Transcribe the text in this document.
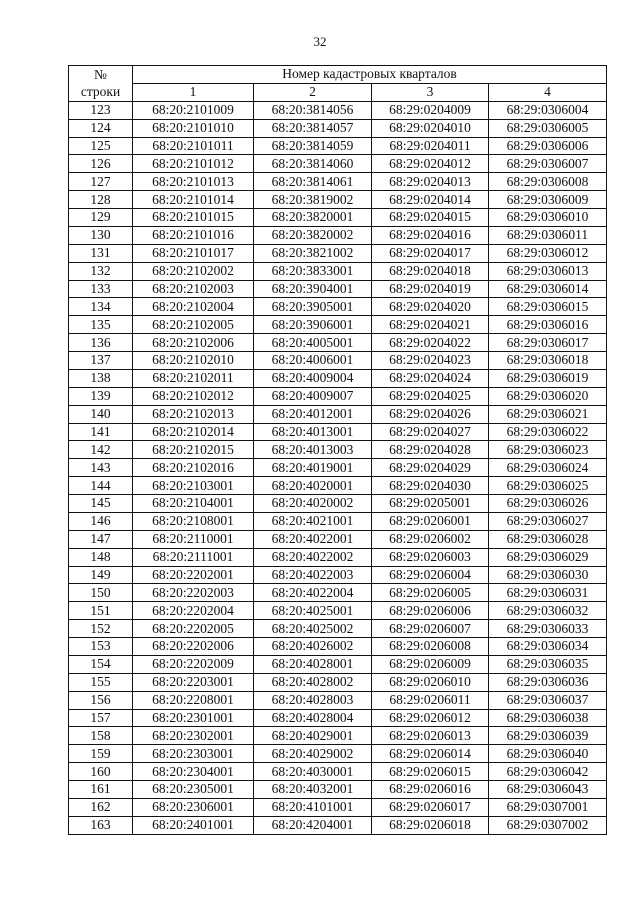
32
№	Номер кадастровых кварталов			
строки	1	2	3	4
123	68:20:2101009	68:20:3814056	68:29:0204009	68:29:0306004
124	68:20:2101010	68:20:3814057	68:29:0204010	68:29:0306005
125	68:20:2101011	68:20:3814059	68:29:0204011	68:29:0306006
126	68:20:2101012	68:20:3814060	68:29:0204012	68:29:0306007
127	68:20:2101013	68:20:3814061	68:29:0204013	68:29:0306008
128	68:20:2101014	68:20:3819002	68:29:0204014	68:29:0306009
129	68:20:2101015	68:20:3820001	68:29:0204015	68:29:0306010
130	68:20:2101016	68:20:3820002	68:29:0204016	68:29:0306011
131	68:20:2101017	68:20:3821002	68:29:0204017	68:29:0306012
132	68:20:2102002	68:20:3833001	68:29:0204018	68:29:0306013
133	68:20:2102003	68:20:3904001	68:29:0204019	68:29:0306014
134	68:20:2102004	68:20:3905001	68:29:0204020	68:29:0306015
135	68:20:2102005	68:20:3906001	68:29:0204021	68:29:0306016
136	68:20:2102006	68:20:4005001	68:29:0204022	68:29:0306017
137	68:20:2102010	68:20:4006001	68:29:0204023	68:29:0306018
138	68:20:2102011	68:20:4009004	68:29:0204024	68:29:0306019
139	68:20:2102012	68:20:4009007	68:29:0204025	68:29:0306020
140	68:20:2102013	68:20:4012001	68:29:0204026	68:29:0306021
141	68:20:2102014	68:20:4013001	68:29:0204027	68:29:0306022
142	68:20:2102015	68:20:4013003	68:29:0204028	68:29:0306023
143	68:20:2102016	68:20:4019001	68:29:0204029	68:29:0306024
144	68:20:2103001	68:20:4020001	68:29:0204030	68:29:0306025
145	68:20:2104001	68:20:4020002	68:29:0205001	68:29:0306026
146	68:20:2108001	68:20:4021001	68:29:0206001	68:29:0306027
147	68:20:2110001	68:20:4022001	68:29:0206002	68:29:0306028
148	68:20:2111001	68:20:4022002	68:29:0206003	68:29:0306029
149	68:20:2202001	68:20:4022003	68:29:0206004	68:29:0306030
150	68:20:2202003	68:20:4022004	68:29:0206005	68:29:0306031
151	68:20:2202004	68:20:4025001	68:29:0206006	68:29:0306032
152	68:20:2202005	68:20:4025002	68:29:0206007	68:29:0306033
153	68:20:2202006	68:20:4026002	68:29:0206008	68:29:0306034
154	68:20:2202009	68:20:4028001	68:29:0206009	68:29:0306035
155	68:20:2203001	68:20:4028002	68:29:0206010	68:29:0306036
156	68:20:2208001	68:20:4028003	68:29:0206011	68:29:0306037
157	68:20:2301001	68:20:4028004	68:29:0206012	68:29:0306038
158	68:20:2302001	68:20:4029001	68:29:0206013	68:29:0306039
159	68:20:2303001	68:20:4029002	68:29:0206014	68:29:0306040
160	68:20:2304001	68:20:4030001	68:29:0206015	68:29:0306042
161	68:20:2305001	68:20:4032001	68:29:0206016	68:29:0306043
162	68:20:2306001	68:20:4101001	68:29:0206017	68:29:0307001
163	68:20:2401001	68:20:4204001	68:29:0206018	68:29:0307002
